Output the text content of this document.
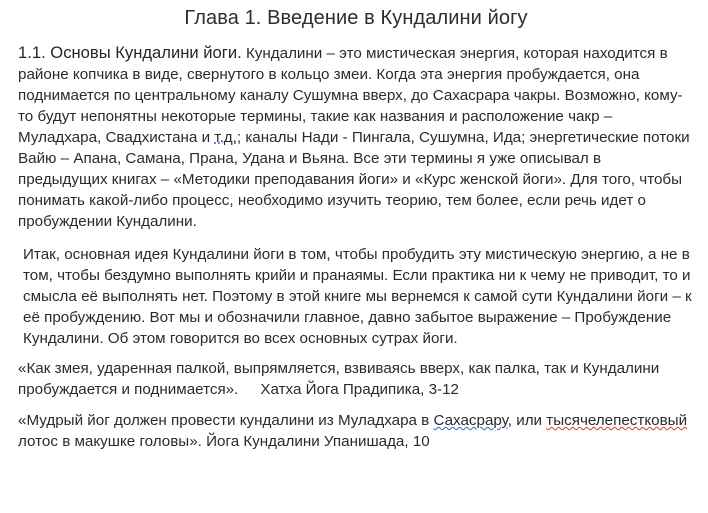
Глава 1. Введение в Кундалини йогу

1.1. Основы Кундалини йоги. Кундалини – это мистическая энергия, которая находится в районе копчика в виде, свернутого в кольцо змеи. Когда эта энергия пробуждается, она поднимается по центральному каналу Сушумна вверх, до Сахасрара чакры. Возможно, кому-то будут непонятны некоторые термины, такие как названия и расположение чакр – Муладхара, Свадхистана и т.д.; каналы Нади - Пингала, Сушумна, Ида; энергетические потоки Вайю – Апана, Самана, Прана, Удана и Вьяна. Все эти термины я уже описывал в предыдущих книгах – «Методики преподавания йоги» и «Курс женской йоги». Для того, чтобы понимать какой-либо процесс, необходимо изучить теорию, тем более, если речь идет о пробуждении Кундалини.

Итак, основная идея Кундалини йоги в том, чтобы пробудить эту мистическую энергию, а не в том, чтобы бездумно выполнять крийи и пранаямы. Если практика ни к чему не приводит, то и смысла её выполнять нет. Поэтому в этой книге мы вернемся к самой сути Кундалини йоги – к её пробуждению. Вот мы и обозначили главное, давно забытое выражение – Пробуждение Кундалини. Об этом говорится во всех основных сутрах йоги.

«Как змея, ударенная палкой, выпрямляется, взвиваясь вверх, как палка, так и Кундалини пробуждается и поднимается». Хатха Йога Прадипика, 3-12

«Мудрый йог должен провести кундалини из Муладхара в Сахасрару, или тысячелепестковый лотос в макушке головы». Йога Кундалини Упанишада, 10
